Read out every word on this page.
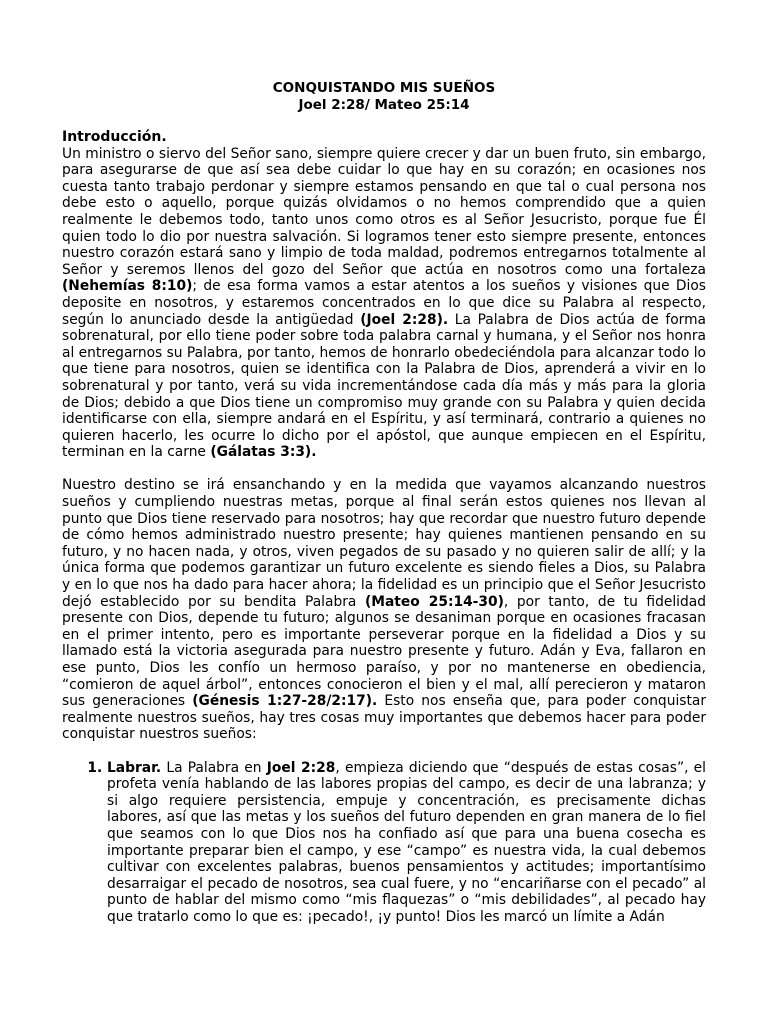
CONQUISTANDO MIS SUEÑOS
Joel 2:28/ Mateo 25:14
Introducción.

Un ministro o siervo del Señor sano, siempre quiere crecer y dar un buen fruto, sin embargo, para asegurarse de que así sea debe cuidar lo que hay en su corazón; en ocasiones nos cuesta tanto trabajo perdonar y siempre estamos pensando en que tal o cual persona nos debe esto o aquello, porque quizás olvidamos o no hemos comprendido que a quien realmente le debemos todo, tanto unos como otros es al Señor Jesucristo, porque fue Él quien todo lo dio por nuestra salvación. Si logramos tener esto siempre presente, entonces nuestro corazón estará sano y limpio de toda maldad, podremos entregarnos totalmente al Señor y seremos llenos del gozo del Señor que actúa en nosotros como una fortaleza (Nehemías 8:10); de esa forma vamos a estar atentos a los sueños y visiones que Dios deposite en nosotros, y estaremos concentrados en lo que dice su Palabra al respecto, según lo anunciado desde la antigüedad (Joel 2:28). La Palabra de Dios actúa de forma sobrenatural, por ello tiene poder sobre toda palabra carnal y humana, y el Señor nos honra al entregarnos su Palabra, por tanto, hemos de honrarlo obedeciéndola para alcanzar todo lo que tiene para nosotros, quien se identifica con la Palabra de Dios, aprenderá a vivir en lo sobrenatural y por tanto, verá su vida incrementándose cada día más y más para la gloria de Dios; debido a que Dios tiene un compromiso muy grande con su Palabra y quien decida identificarse con ella, siempre andará en el Espíritu, y así terminará, contrario a quienes no quieren hacerlo, les ocurre lo dicho por el apóstol, que aunque empiecen en el Espíritu, terminan en la carne (Gálatas 3:3).

Nuestro destino se irá ensanchando y en la medida que vayamos alcanzando nuestros sueños y cumpliendo nuestras metas, porque al final serán estos quienes nos llevan al punto que Dios tiene reservado para nosotros; hay que recordar que nuestro futuro depende de cómo hemos administrado nuestro presente; hay quienes mantienen pensando en su futuro, y no hacen nada, y otros, viven pegados de su pasado y no quieren salir de allí; y la única forma que podemos garantizar un futuro excelente es siendo fieles a Dios, su Palabra y en lo que nos ha dado para hacer ahora; la fidelidad es un principio que el Señor Jesucristo dejó establecido por su bendita Palabra (Mateo 25:14-30), por tanto, de tu fidelidad presente con Dios, depende tu futuro; algunos se desaniman porque en ocasiones fracasan en el primer intento, pero es importante perseverar porque en la fidelidad a Dios y su llamado está la victoria asegurada para nuestro presente y futuro. Adán y Eva, fallaron en ese punto, Dios les confío un hermoso paraíso, y por no mantenerse en obediencia, “comieron de aquel árbol”, entonces conocieron el bien y el mal, allí perecieron y mataron sus generaciones (Génesis 1:27-28/2:17). Esto nos enseña que, para poder conquistar realmente nuestros sueños, hay tres cosas muy importantes que debemos hacer para poder conquistar nuestros sueños:

1. Labrar. La Palabra en Joel 2:28, empieza diciendo que “después de estas cosas”, el profeta venía hablando de las labores propias del campo, es decir de una labranza; y si algo requiere persistencia, empuje y concentración, es precisamente dichas labores, así que las metas y los sueños del futuro dependen en gran manera de lo fiel que seamos con lo que Dios nos ha confiado así que para una buena cosecha es importante preparar bien el campo, y ese “campo” es nuestra vida, la cual debemos cultivar con excelentes palabras, buenos pensamientos y actitudes; importantísimo desarraigar el pecado de nosotros, sea cual fuere, y no “encariñarse con el pecado” al punto de hablar del mismo como “mis flaquezas” o “mis debilidades”, al pecado hay que tratarlo como lo que es: ¡pecado!, ¡y punto! Dios les marcó un límite a Adán
